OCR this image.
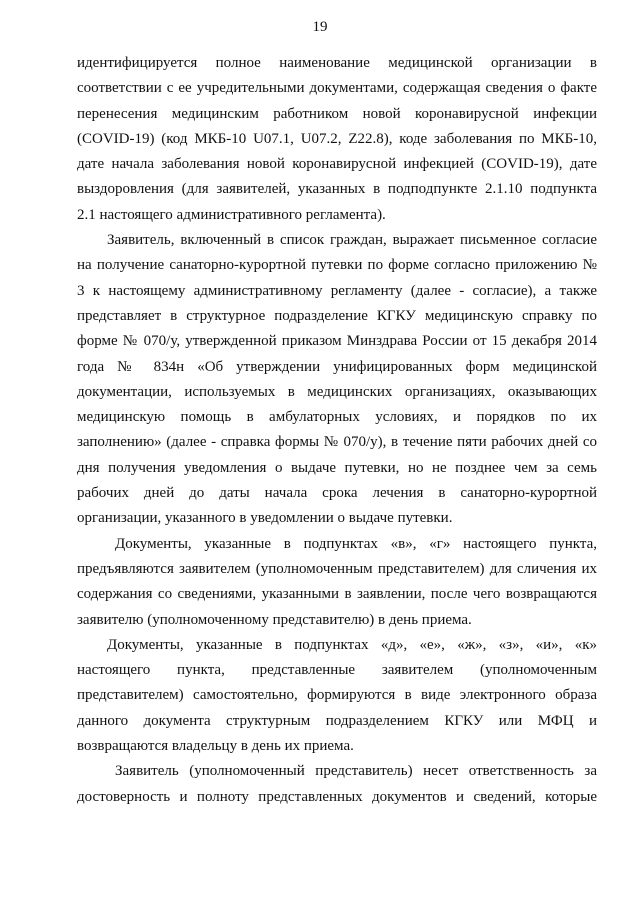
19
идентифицируется полное наименование медицинской организации в
соответствии с ее учредительными документами, содержащая сведения о факте
перенесения медицинским работником новой коронавирусной инфекции
(COVID-19) (код МКБ-10 U07.1, U07.2, Z22.8), коде заболевания по МКБ-10,
дате начала заболевания новой коронавирусной инфекцией (COVID-19), дате
выздоровления (для заявителей, указанных в подподпункте 2.1.10 подпункта
2.1 настоящего административного регламента).
Заявитель, включенный в список граждан, выражает письменное согласие
на получение санаторно-курортной путевки по форме согласно приложению №
3 к настоящему административному регламенту (далее - согласие), а также
представляет в структурное подразделение КГКУ медицинскую справку по
форме № 070/у, утвержденной приказом Минздрава России от 15 декабря 2014
года № 834н «Об утверждении унифицированных форм медицинской
документации, используемых в медицинских организациях, оказывающих
медицинскую помощь в амбулаторных условиях, и порядков по их
заполнению» (далее - справка формы № 070/у), в течение пяти рабочих дней со
дня получения уведомления о выдаче путевки, но не позднее чем за семь
рабочих дней до даты начала срока лечения в санаторно-курортной
организации, указанного в уведомлении о выдаче путевки.
Документы, указанные в подпунктах «в», «г» настоящего пункта,
предъявляются заявителем (уполномоченным представителем) для сличения их
содержания со сведениями, указанными в заявлении, после чего возвращаются
заявителю (уполномоченному представителю) в день приема.
Документы, указанные в подпунктах «д», «е», «ж», «з», «и», «к»
настоящего пункта, представленные заявителем (уполномоченным
представителем) самостоятельно, формируются в виде электронного образа
данного документа структурным подразделением КГКУ или МФЦ и
возвращаются владельцу в день их приема.
Заявитель (уполномоченный представитель) несет ответственность за
достоверность и полноту представленных документов и сведений, которые
